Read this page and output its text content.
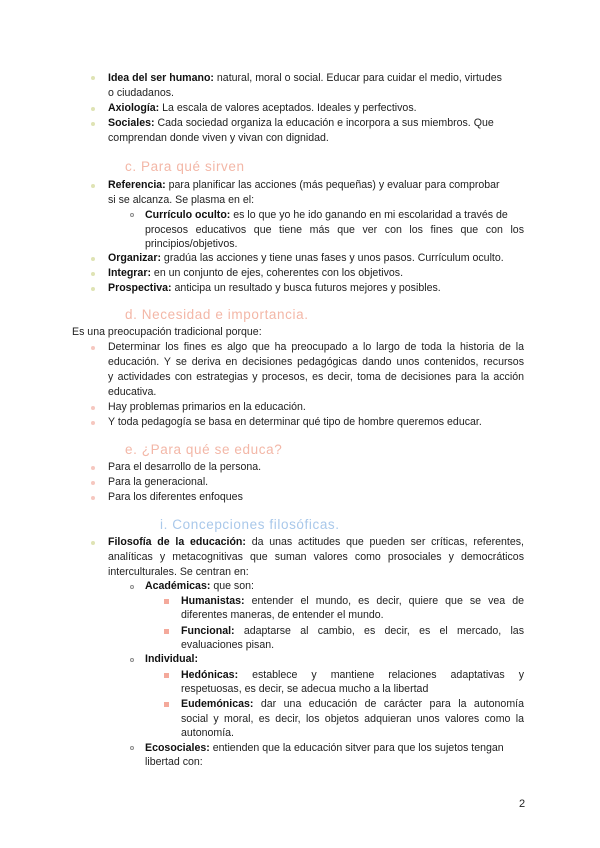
Idea del ser humano: natural, moral o social. Educar para cuidar el medio, virtudes
o ciudadanos.
Axiología: La escala de valores aceptados. Ideales y perfectivos.
Sociales: Cada sociedad organiza la educación e incorpora a sus miembros. Que
comprendan donde viven y vivan con dignidad.
c. Para qué sirven
Referencia: para planificar las acciones (más pequeñas) y evaluar para comprobar
si se alcanza. Se plasma en el:
Currículo oculto: es lo que yo he ido ganando en mi escolaridad a través de
procesos educativos que tiene más que ver con los fines que con los
principios/objetivos.
Organizar: gradúa las acciones y tiene unas fases y unos pasos. Currículum oculto.
Integrar: en un conjunto de ejes, coherentes con los objetivos.
Prospectiva: anticipa un resultado y busca futuros mejores y posibles.
d. Necesidad e importancia.
Es una preocupación tradicional porque:
Determinar los fines es algo que ha preocupado a lo largo de toda la historia de la
educación. Y se deriva en decisiones pedagógicas dando unos contenidos, recursos
y actividades con estrategias y procesos, es decir, toma de decisiones para la acción
educativa.
Hay problemas primarios en la educación.
Y toda pedagogía se basa en determinar qué tipo de hombre queremos educar.
e. ¿Para qué se educa?
Para el desarrollo de la persona.
Para la generacional.
Para los diferentes enfoques
i. Concepciones filosóficas.
Filosofía de la educación: da unas actitudes que pueden ser críticas, referentes,
analíticas y metacognitivas que suman valores como prosociales y democráticos
interculturales. Se centran en:
Académicas: que son:
Humanistas: entender el mundo, es decir, quiere que se vea de
diferentes maneras, de entender el mundo.
Funcional: adaptarse al cambio, es decir, es el mercado, las
evaluaciones pisan.
Individual:
Hedónicas: establece y mantiene relaciones adaptativas y
respetuosas, es decir, se adecua mucho a la libertad
Eudemónicas: dar una educación de carácter para la autonomía
social y moral, es decir, los objetos adquieran unos valores como la
autonomía.
Ecosociales: entienden que la educación sitver para que los sujetos tengan
libertad con:
2
